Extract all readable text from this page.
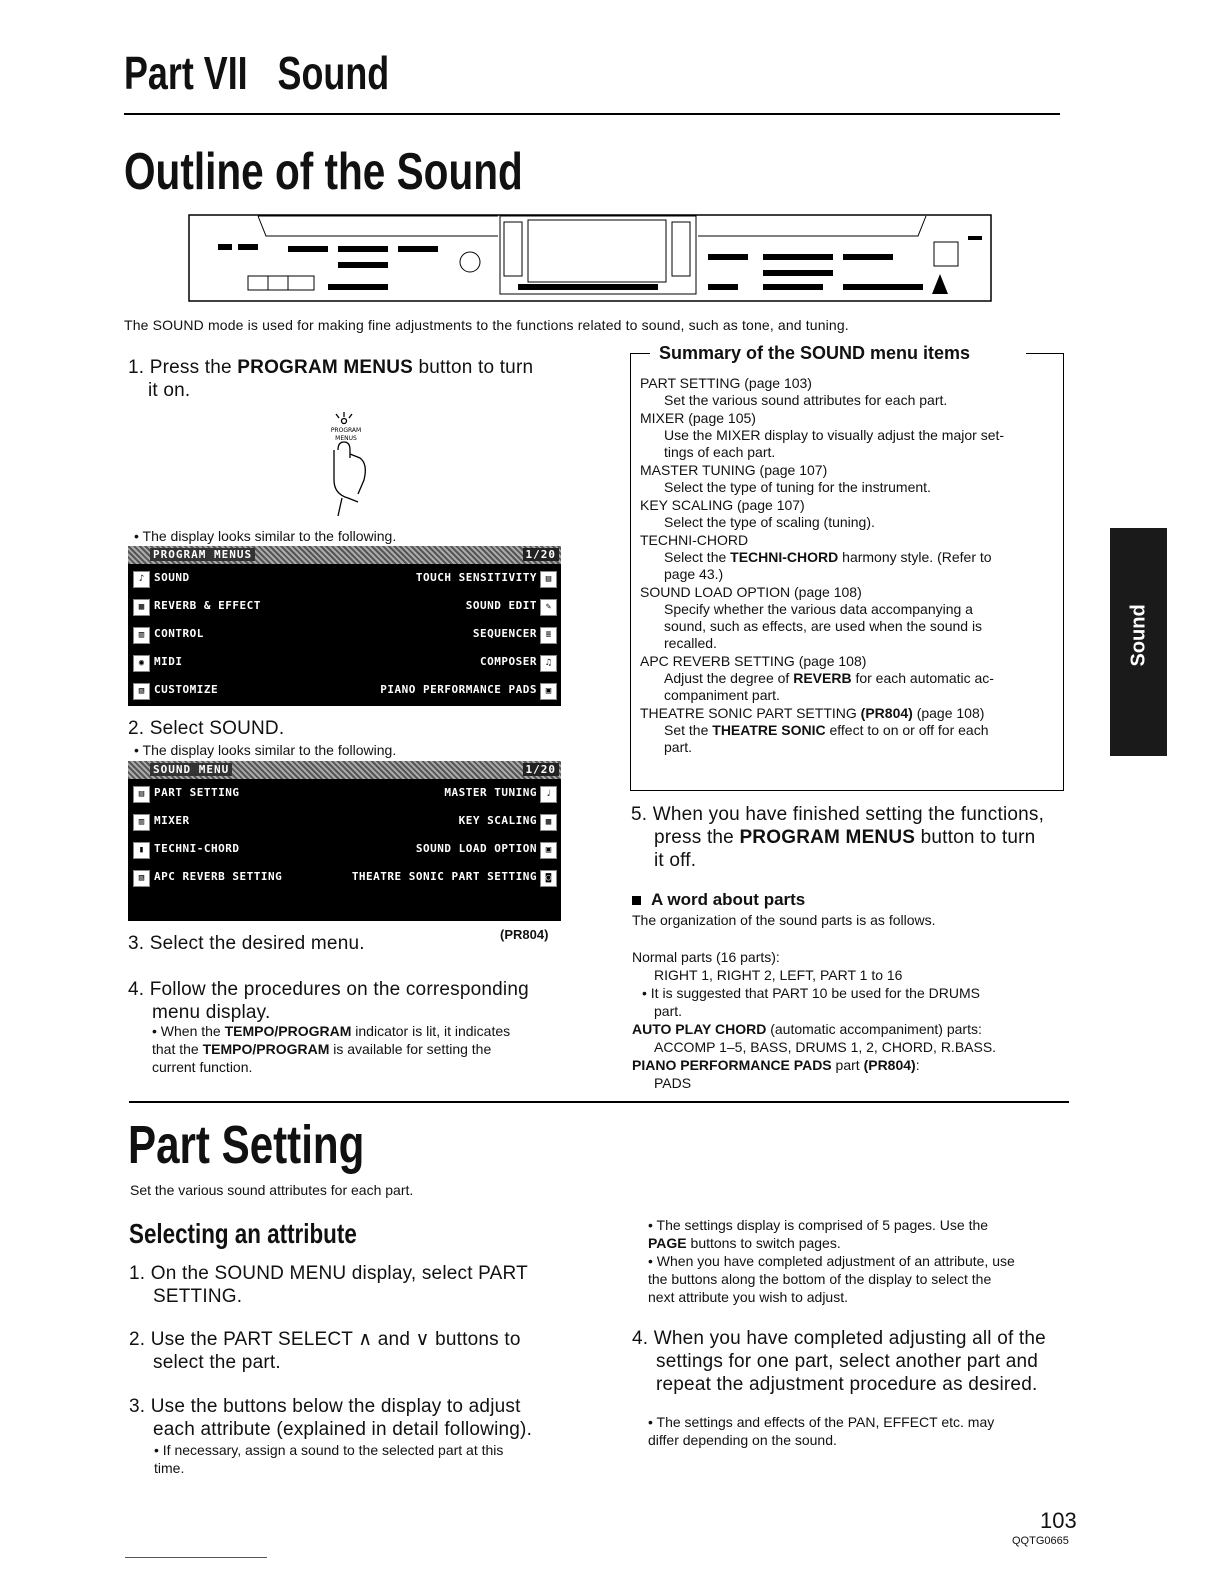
Part VII Sound
Outline of the Sound
The SOUND mode is used for making fine adjustments to the functions related to sound, such as tone, and tuning.
1. Press the PROGRAM MENUS button to turn
it on.
PROGRAM
MENUS
• The display looks similar to the following.
PROGRAM MENUS	1/20
♪ SOUND	TOUCH SENSITIVITY ▤
▦ REVERB & EFFECT	SOUND EDIT ✎
▥ CONTROL	SEQUENCER ≡
◉ MIDI	COMPOSER ♫
▧ CUSTOMIZE	PIANO PERFORMANCE PADS ▣
2. Select SOUND.
• The display looks similar to the following.
SOUND MENU	1/20
▤ PART SETTING	MASTER TUNING ♩
▥ MIXER	KEY SCALING ▦
▮ TECHNI-CHORD	SOUND LOAD OPTION ▣
▧ APC REVERB SETTING	THEATRE SONIC PART SETTING ◙
3. Select the desired menu.	(PR804)
4. Follow the procedures on the corresponding
menu display.
• When the TEMPO/PROGRAM indicator is lit, it indicates
that the TEMPO/PROGRAM is available for setting the
current function.
Summary of the SOUND menu items
PART SETTING (page 103)
Set the various sound attributes for each part.
MIXER (page 105)
Use the MIXER display to visually adjust the major set-
tings of each part.
MASTER TUNING (page 107)
Select the type of tuning for the instrument.
KEY SCALING (page 107)
Select the type of scaling (tuning).
TECHNI-CHORD
Select the TECHNI-CHORD harmony style. (Refer to
page 43.)
SOUND LOAD OPTION (page 108)
Specify whether the various data accompanying a
sound, such as effects, are used when the sound is
recalled.
APC REVERB SETTING (page 108)
Adjust the degree of REVERB for each automatic ac-
companiment part.
THEATRE SONIC PART SETTING (PR804) (page 108)
Set the THEATRE SONIC effect to on or off for each
part.
5. When you have finished setting the functions,
press the PROGRAM MENUS button to turn
it off.
A word about parts
The organization of the sound parts is as follows.
Normal parts (16 parts):
RIGHT 1, RIGHT 2, LEFT, PART 1 to 16
• It is suggested that PART 10 be used for the DRUMS
part.
AUTO PLAY CHORD (automatic accompaniment) parts:
ACCOMP 1–5, BASS, DRUMS 1, 2, CHORD, R.BASS.
PIANO PERFORMANCE PADS part (PR804):
PADS
Sound
Part Setting
Set the various sound attributes for each part.
Selecting an attribute
1. On the SOUND MENU display, select PART
SETTING.
2. Use the PART SELECT ∧ and ∨ buttons to
select the part.
3. Use the buttons below the display to adjust
each attribute (explained in detail following).
• If necessary, assign a sound to the selected part at this
time.
• The settings display is comprised of 5 pages. Use the
PAGE buttons to switch pages.
• When you have completed adjustment of an attribute, use
the buttons along the bottom of the display to select the
next attribute you wish to adjust.
4. When you have completed adjusting all of the
settings for one part, select another part and
repeat the adjustment procedure as desired.
• The settings and effects of the PAN, EFFECT etc. may
differ depending on the sound.
103
QQTG0665
